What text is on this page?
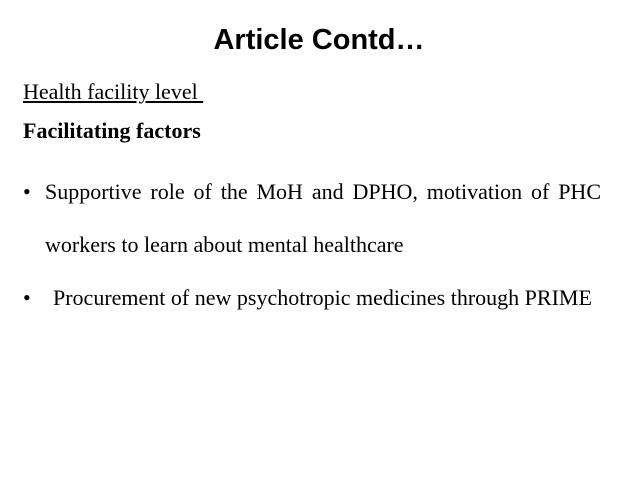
Article Contd…
Health facility level
Facilitating factors
• Supportive role of the MoH and DPHO, motivation of PHC workers to learn about mental healthcare
•	Procurement of new psychotropic medicines through PRIME
